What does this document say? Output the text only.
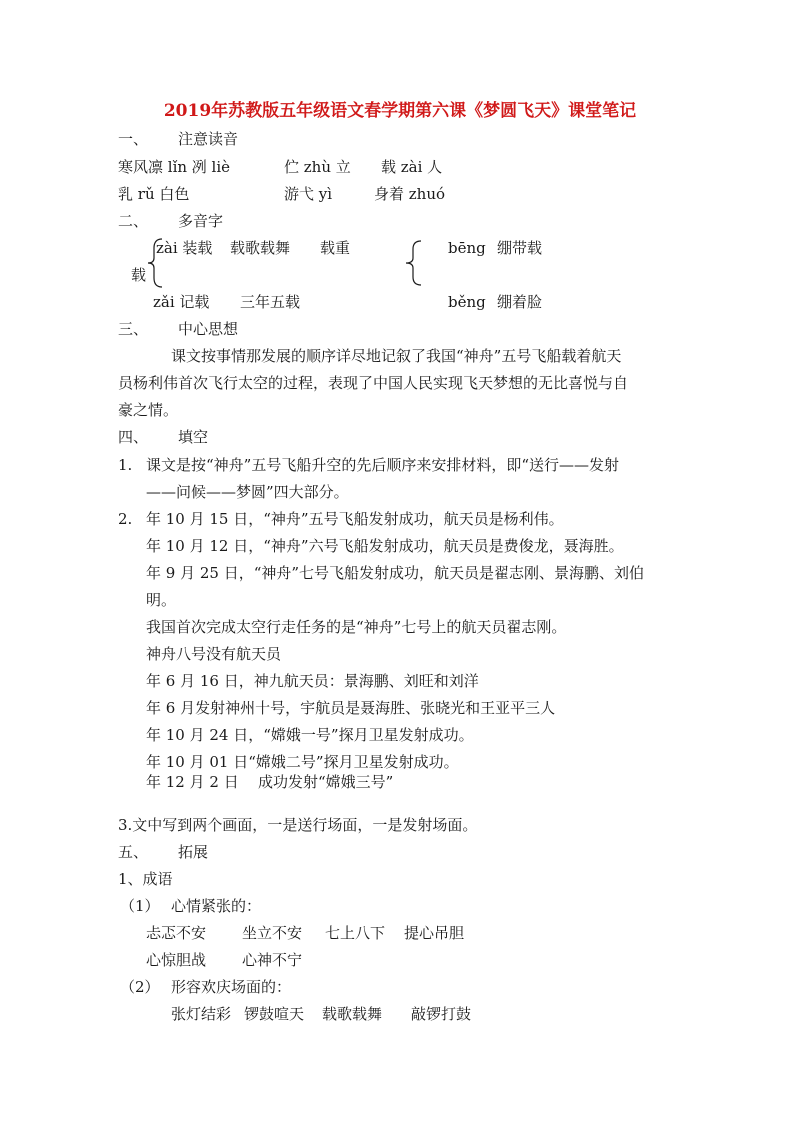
2019年苏教版五年级语文春学期第六课《梦圆飞天》课堂笔记
一、 注意读音
寒风凛 lǐn 冽 liè	伫 zhù 立 载 zài 人
乳 rǔ 白色	游弋 yì	身着 zhuó
二、 多音字
载
zài 装载 载歌载舞 载重
zǎi 记载 三年五载
bēng 绷带载
běng 绷着脸
三、 中心思想
课文按事情那发展的顺序详尽地记叙了我国“神舟”五号飞船载着航天
员杨利伟首次飞行太空的过程，表现了中国人民实现飞天梦想的无比喜悦与自
豪之情。
四、 填空
1. 课文是按“神舟”五号飞船升空的先后顺序来安排材料，即“送行——发射
——问候——梦圆”四大部分。
2. 年 10 月 15 日，“神舟”五号飞船发射成功，航天员是杨利伟。
年 10 月 12 日，“神舟”六号飞船发射成功，航天员是费俊龙，聂海胜。
年 9 月 25 日，“神舟”七号飞船发射成功，航天员是翟志刚、景海鹏、刘伯
明。
我国首次完成太空行走任务的是“神舟”七号上的航天员翟志刚。
神舟八号没有航天员
年 6 月 16 日，神九航天员：景海鹏、刘旺和刘洋
年 6 月发射神州十号，宇航员是聂海胜、张晓光和王亚平三人
年 10 月 24 日，“嫦娥一号”探月卫星发射成功。
年 10 月 01 日“嫦娥二号”探月卫星发射成功。
年 12 月 2 日 成功发射“嫦娥三号”
3.文中写到两个画面，一是送行场面，一是发射场面。
五、 拓展
1、成语
（1） 心情紧张的：
忐忑不安 坐立不安 七上八下 提心吊胆
心惊胆战 心神不宁
（2） 形容欢庆场面的：
张灯结彩 锣鼓喧天 载歌载舞 敲锣打鼓
